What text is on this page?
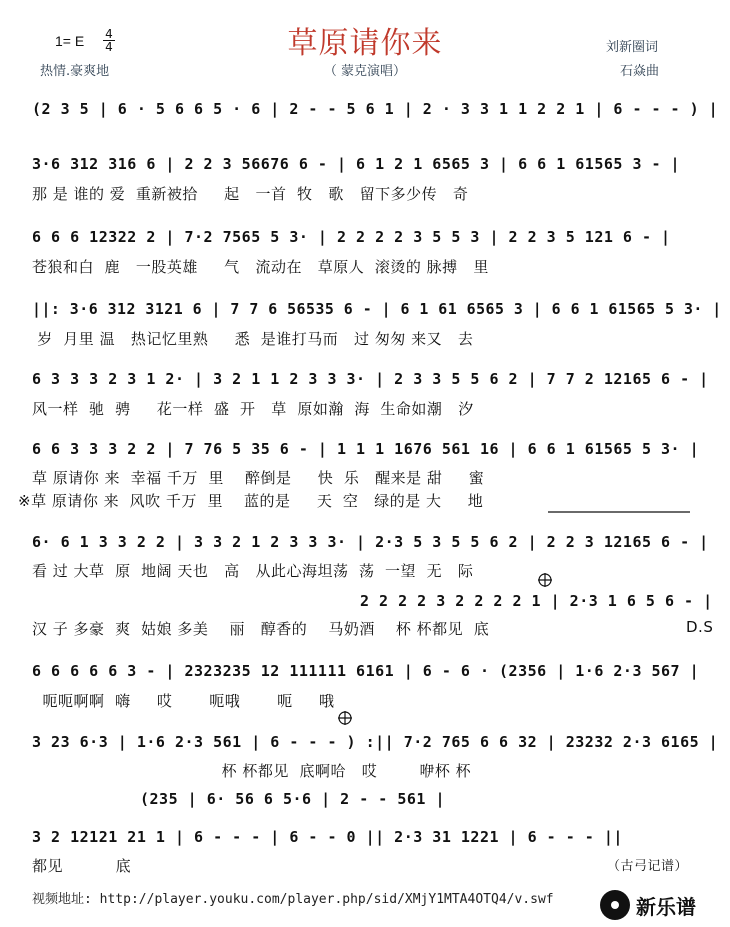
草原请你来
（ 蒙克演唱）
1= E 4
4
热情.豪爽地
刘新圈词
石焱曲
(2 3 5 | 6 · 5 6 6 5 · 6 | 2 - - 5 6 1 | 2 · 3 3 1 1 2 2 1 | 6 - - - ) |
3·6 312 316 6 | 2 2 3 56676 6 - | 6 1 2 1 6565 3 | 6 6 1 61565 3 - |
那 是 谁的 爱  重新被拾     起   一首  牧   歌   留下多少传   奇
6 6 6 12322 2 | 7·2 7565 5 3· | 2 2 2 2 3 5 5 3 | 2 2 3 5 121 6 - |
苍狼和白  鹿   一股英雄     气   流动在   草原人  滚烫的 脉搏   里
||: 3·6 312 3121 6 | 7 7 6 56535 6 - | 6 1 61 6565 3 | 6 6 1 61565 5 3· |
岁  月里 温   热记忆里熟     悉  是谁打马而   过 匆匆 来又   去
6 3 3 3 2 3 1 2· | 3 2 1 1 2 3 3 3· | 2 3 3 5 5 6 2 | 7 7 2 12165 6 - |
风一样  驰  骋     花一样  盛  开   草  原如瀚  海  生命如潮   汐
6 6 3 3 3 2 2 | 7 76 5 35 6 - | 1 1 1 1676 561 16 | 6 6 1 61565 5 3· |
草 原请你 来  幸福 千万  里    醉倒是     快  乐   醒来是 甜     蜜
※草 原请你 来  风吹 千万  里    蓝的是     天  空   绿的是 大     地
6· 6 1 3 3 2 2 | 3 3 2 1 2 3 3 3· | 2·3 5 3 5 5 6 2 | 2 2 3 12165 6 - |
看 过 大草  原  地阔 天也   高   从此心海坦荡  荡  一望  无   际
2 2 2 2 3 2 2 2 2 1 | 2·3 1 6 5 6 - |
汉 子 多豪  爽  姑娘 多美    丽   醇香的    马奶酒    杯 杯都见  底	D.S
6 6 6 6 6 3 - | 2323235 12 111111 6161 | 6 - 6 · (2356 | 1·6 2·3 567 |
呃呃啊啊  嗨     哎       呃哦       呃     哦
3 23 6·3 | 1·6 2·3 561 | 6 - - - ) :|| 7·2 765 6 6 32 | 23232 2·3 6165 |
杯 杯都见  底啊哈   哎        咿杯 杯
(235 | 6· 56 6 5·6 | 2 - - 561 |
3 2 12121 21 1 | 6 - - - | 6 - - 0 || 2·3 31 1221 | 6 - - - ||
都见          底	（古弓记谱）
视频地址: http://player.youku.com/player.php/sid/XMjY1MTA4OTQ4/v.swf	新乐谱
